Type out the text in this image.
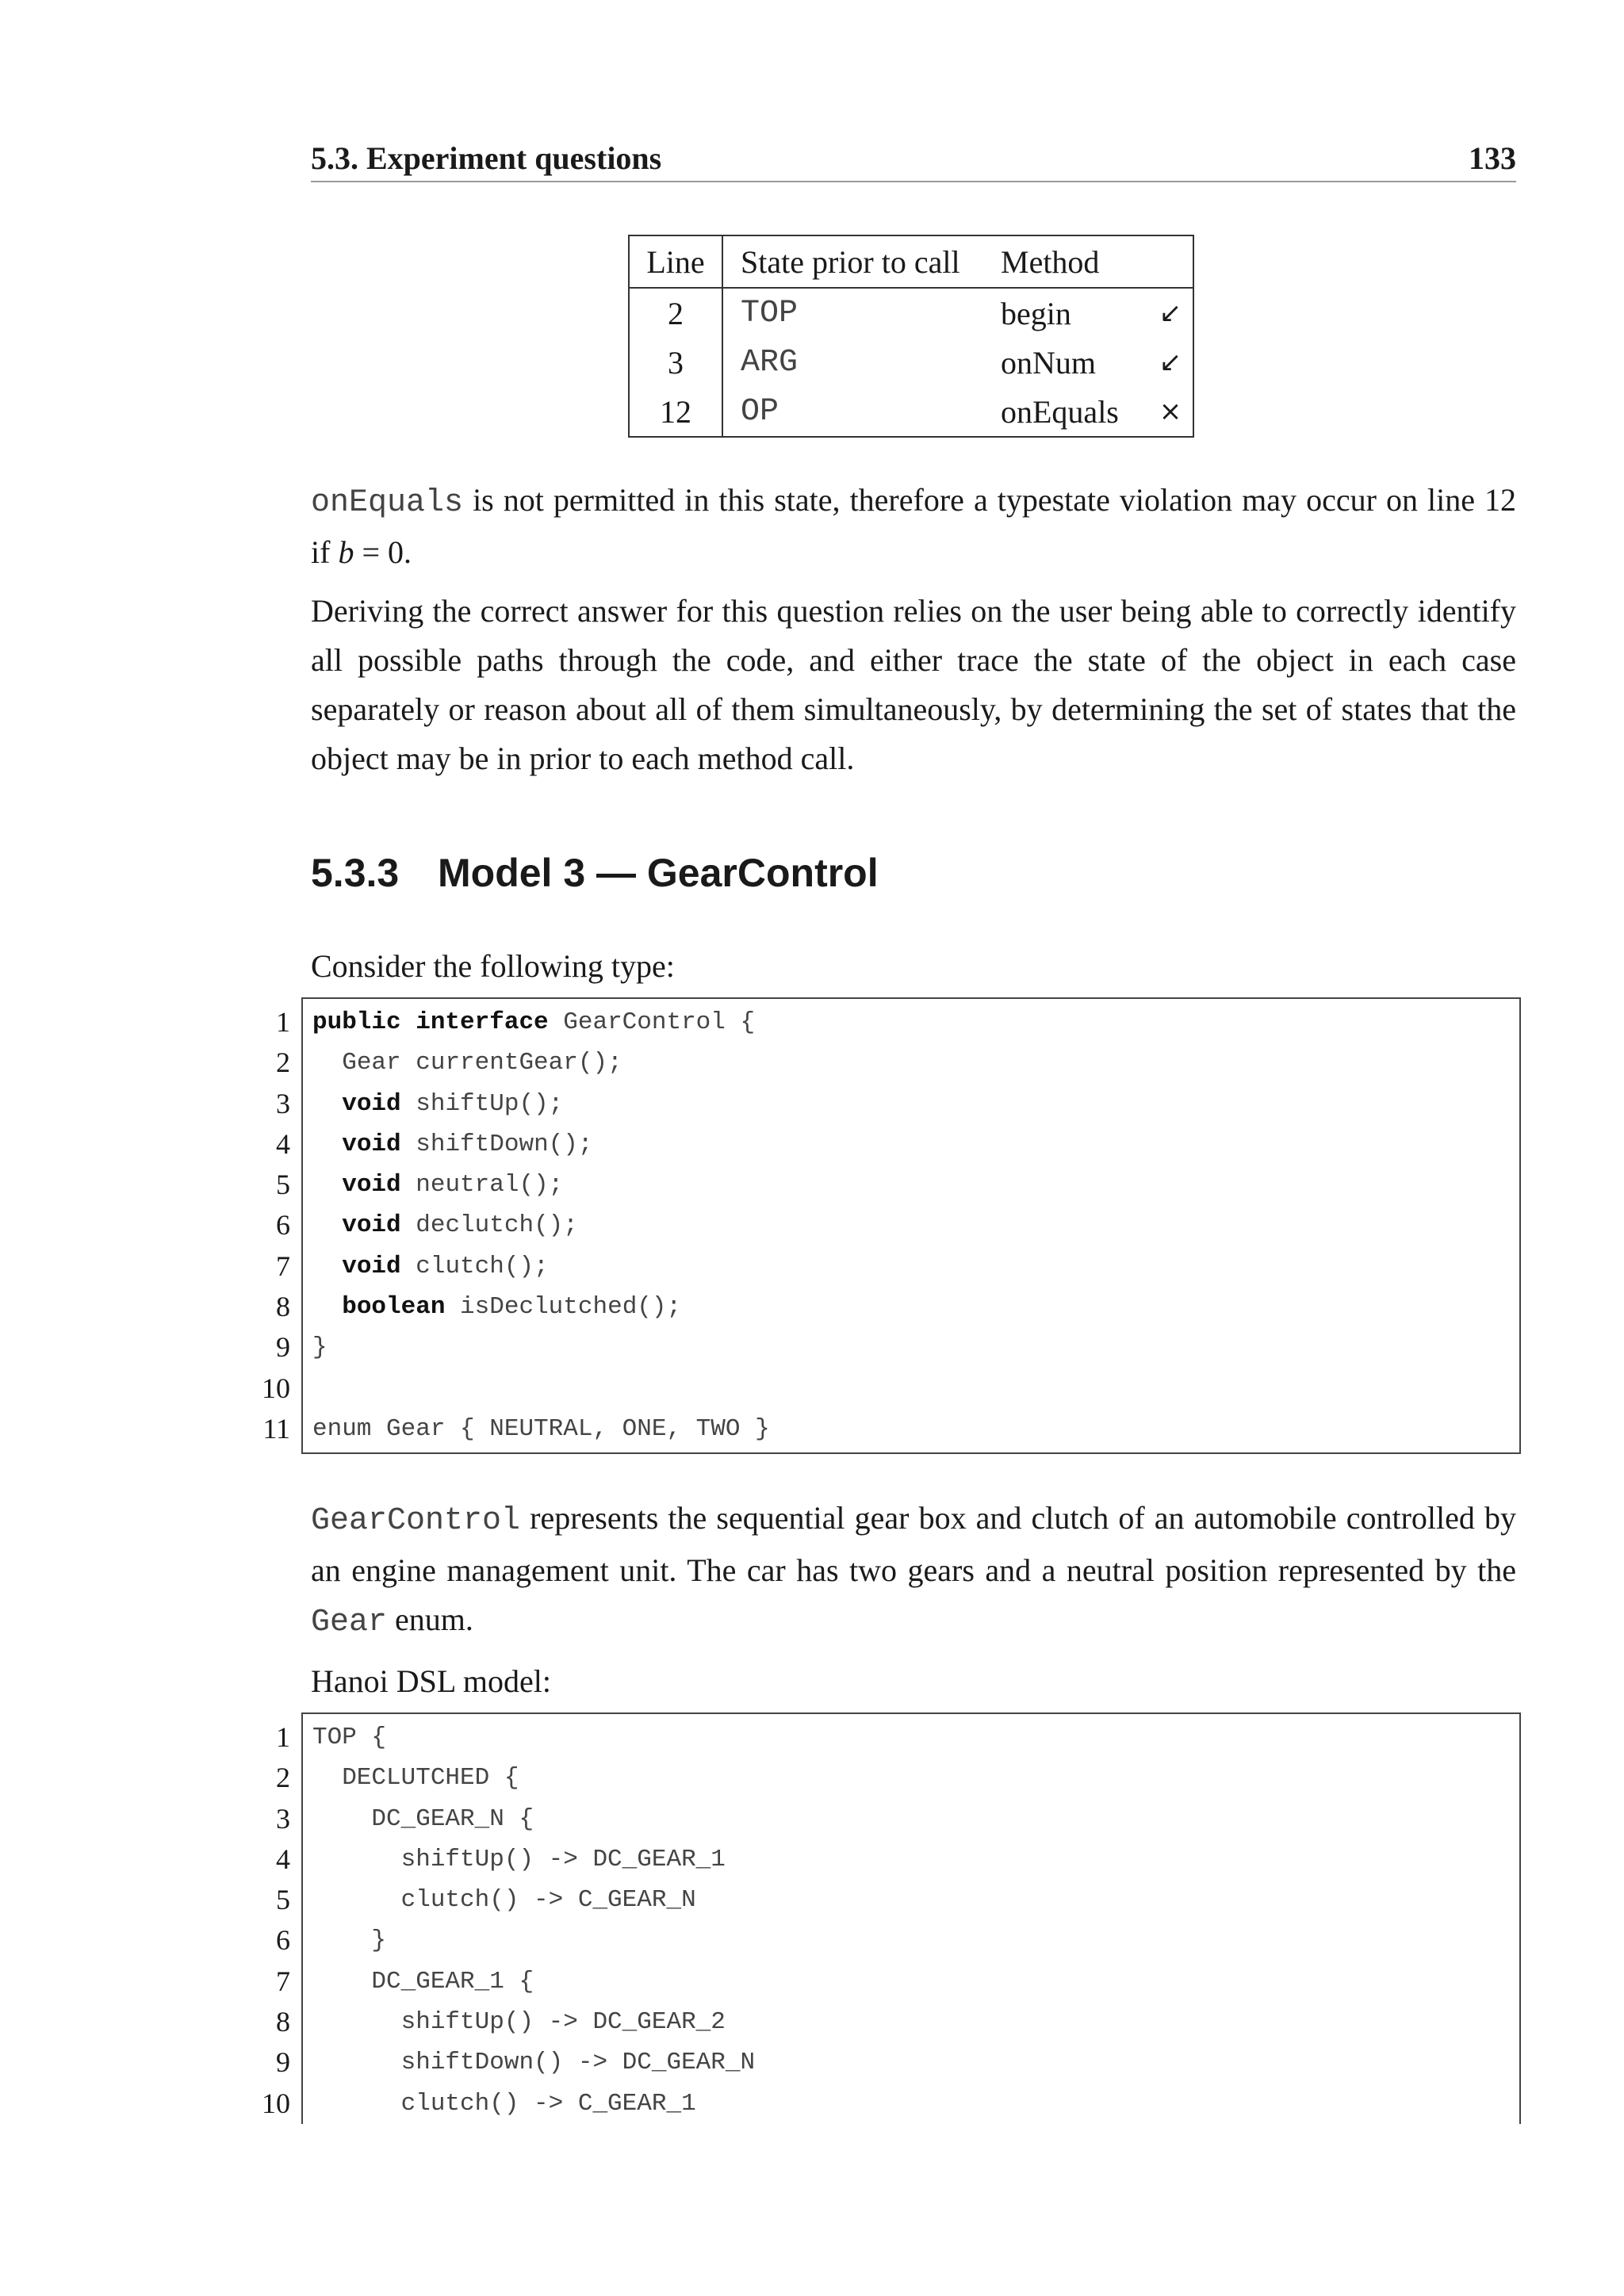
5.3. Experiment questions	133
Line	State prior to call	Method	
2	TOP	begin	↙
3	ARG	onNum	↙
12	OP	onEquals	×

onEquals is not permitted in this state, therefore a typestate violation may occur on line 12 if b = 0.

Deriving the correct answer for this question relies on the user being able to correctly identify all possible paths through the code, and either trace the state of the object in each case separately or reason about all of them simultaneously, by determining the set of states that the object may be in prior to each method call.

5.3.3 Model 3 — GearControl

Consider the following type:

1 public interface GearControl {
2 Gear currentGear();
3 void shiftUp();
4 void shiftDown();
5 void neutral();
6 void declutch();
7 void clutch();
8 boolean isDeclutched();
9 }
10
11 enum Gear { NEUTRAL, ONE, TWO }

GearControl represents the sequential gear box and clutch of an automobile controlled by an engine management unit. The car has two gears and a neutral position represented by the Gear enum.

Hanoi DSL model:

1 TOP {
2 DECLUTCHED {
3 DC_GEAR_N {
4 shiftUp() -> DC_GEAR_1
5 clutch() -> C_GEAR_N
6 }
7 DC_GEAR_1 {
8 shiftUp() -> DC_GEAR_2
9 shiftDown() -> DC_GEAR_N
10 clutch() -> C_GEAR_1
